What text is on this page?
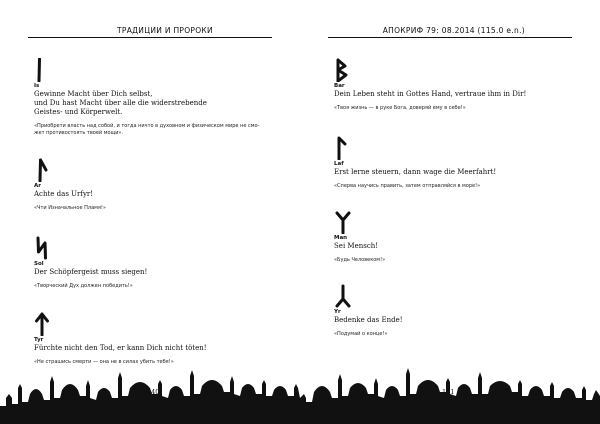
ТРАДИЦИИ И ПРОРОКИ
Is
Gewinne Macht über Dich selbst,
und Du hast Macht über alle die widerstrebende
Geistes- und Körperwelt.
«Приобрети власть над собой, и тогда ничто в духовном и физическом мире не смо-
жет противостоять твоей мощи».
Ar
Achte das Urfyr!
«Чти Изначальное Пламя!»
Sol
Der Schöpfergeist muss siegen!
«Творческий Дух должен победить!»
Tyr
Fürchte nicht den Tod, er kann Dich nicht töten!
«Не страшись смерти — она не в силах убить тебя!»
140
АПОКРИФ 79: 08.2014 (115.0 e.n.)
Bar
Dein Leben steht in Gottes Hand, vertraue ihm in Dir!
«Твоя жизнь — в руке Бога, доверяй ему в себе!»
Laf
Erst lerne steuern, dann wage die Meerfahrt!
«Сперва научись править, затем отправляйся в море!»
Man
Sei Mensch!
«Будь Человеком!»
Yr
Bedenke das Ende!
«Подумай о конце!»
141
